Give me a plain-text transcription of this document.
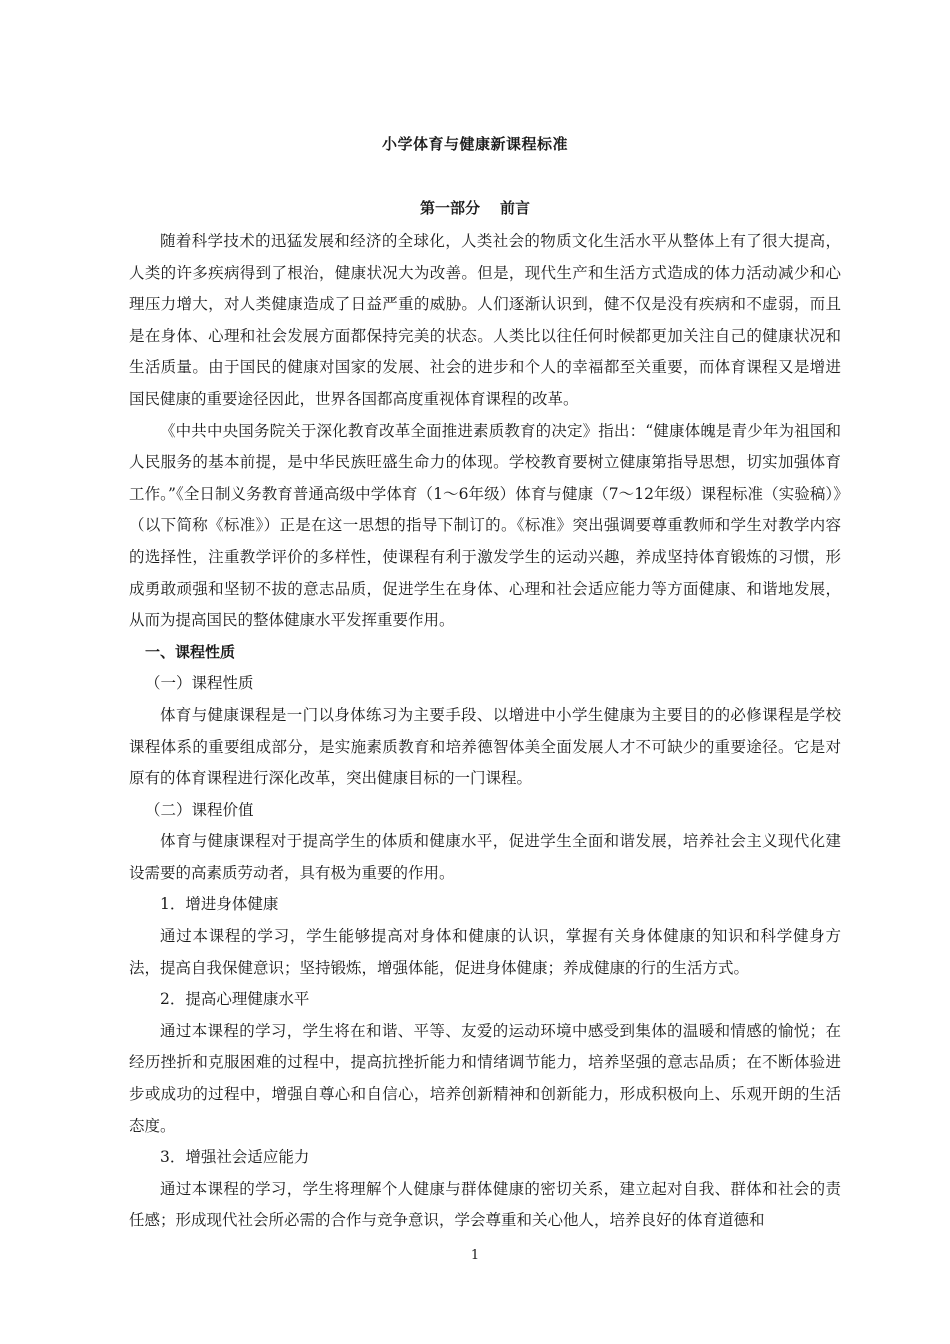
小学体育与健康新课程标准
第一部分 前言

随着科学技术的迅猛发展和经济的全球化，人类社会的物质文化生活水平从整体上有了很大提高，人类的许多疾病得到了根治，健康状况大为改善。但是，现代生产和生活方式造成的体力活动减少和心理压力增大，对人类健康造成了日益严重的威胁。人们逐渐认识到，健不仅是没有疾病和不虚弱，而且是在身体、心理和社会发展方面都保持完美的状态。人类比以往任何时候都更加关注自己的健康状况和生活质量。由于国民的健康对国家的发展、社会的进步和个人的幸福都至关重要，而体育课程又是增进国民健康的重要途径因此，世界各国都高度重视体育课程的改革。

《中共中央国务院关于深化教育改革全面推进素质教育的决定》指出：“健康体魄是青少年为祖国和人民服务的基本前提，是中华民族旺盛生命力的体现。学校教育要树立健康第指导思想，切实加强体育工作。”《全日制义务教育普通高级中学体育（1～6年级）体育与健康（7～12年级）课程标准（实验稿）》（以下简称《标准》）正是在这一思想的指导下制订的。《标准》突出强调要尊重教师和学生对教学内容的选择性，注重教学评价的多样性，使课程有利于激发学生的运动兴趣，养成坚持体育锻炼的习惯，形成勇敢顽强和坚韧不拔的意志品质，促进学生在身体、心理和社会适应能力等方面健康、和谐地发展，从而为提高国民的整体健康水平发挥重要作用。

一、课程性质

（一）课程性质

体育与健康课程是一门以身体练习为主要手段、以增进中小学生健康为主要目的的必修课程是学校课程体系的重要组成部分，是实施素质教育和培养德智体美全面发展人才不可缺少的重要途径。它是对原有的体育课程进行深化改革，突出健康目标的一门课程。

（二）课程价值

体育与健康课程对于提高学生的体质和健康水平，促进学生全面和谐发展，培养社会主义现代化建设需要的高素质劳动者，具有极为重要的作用。

1．增进身体健康

通过本课程的学习，学生能够提高对身体和健康的认识，掌握有关身体健康的知识和科学健身方法，提高自我保健意识；坚持锻炼，增强体能，促进身体健康；养成健康的行的生活方式。

2．提高心理健康水平

通过本课程的学习，学生将在和谐、平等、友爱的运动环境中感受到集体的温暖和情感的愉悦；在经历挫折和克服困难的过程中，提高抗挫折能力和情绪调节能力，培养坚强的意志品质；在不断体验进步或成功的过程中，增强自尊心和自信心，培养创新精神和创新能力，形成积极向上、乐观开朗的生活态度。

3．增强社会适应能力

通过本课程的学习，学生将理解个人健康与群体健康的密切关系，建立起对自我、群体和社会的责任感；形成现代社会所必需的合作与竞争意识，学会尊重和关心他人，培养良好的体育道德和

1
